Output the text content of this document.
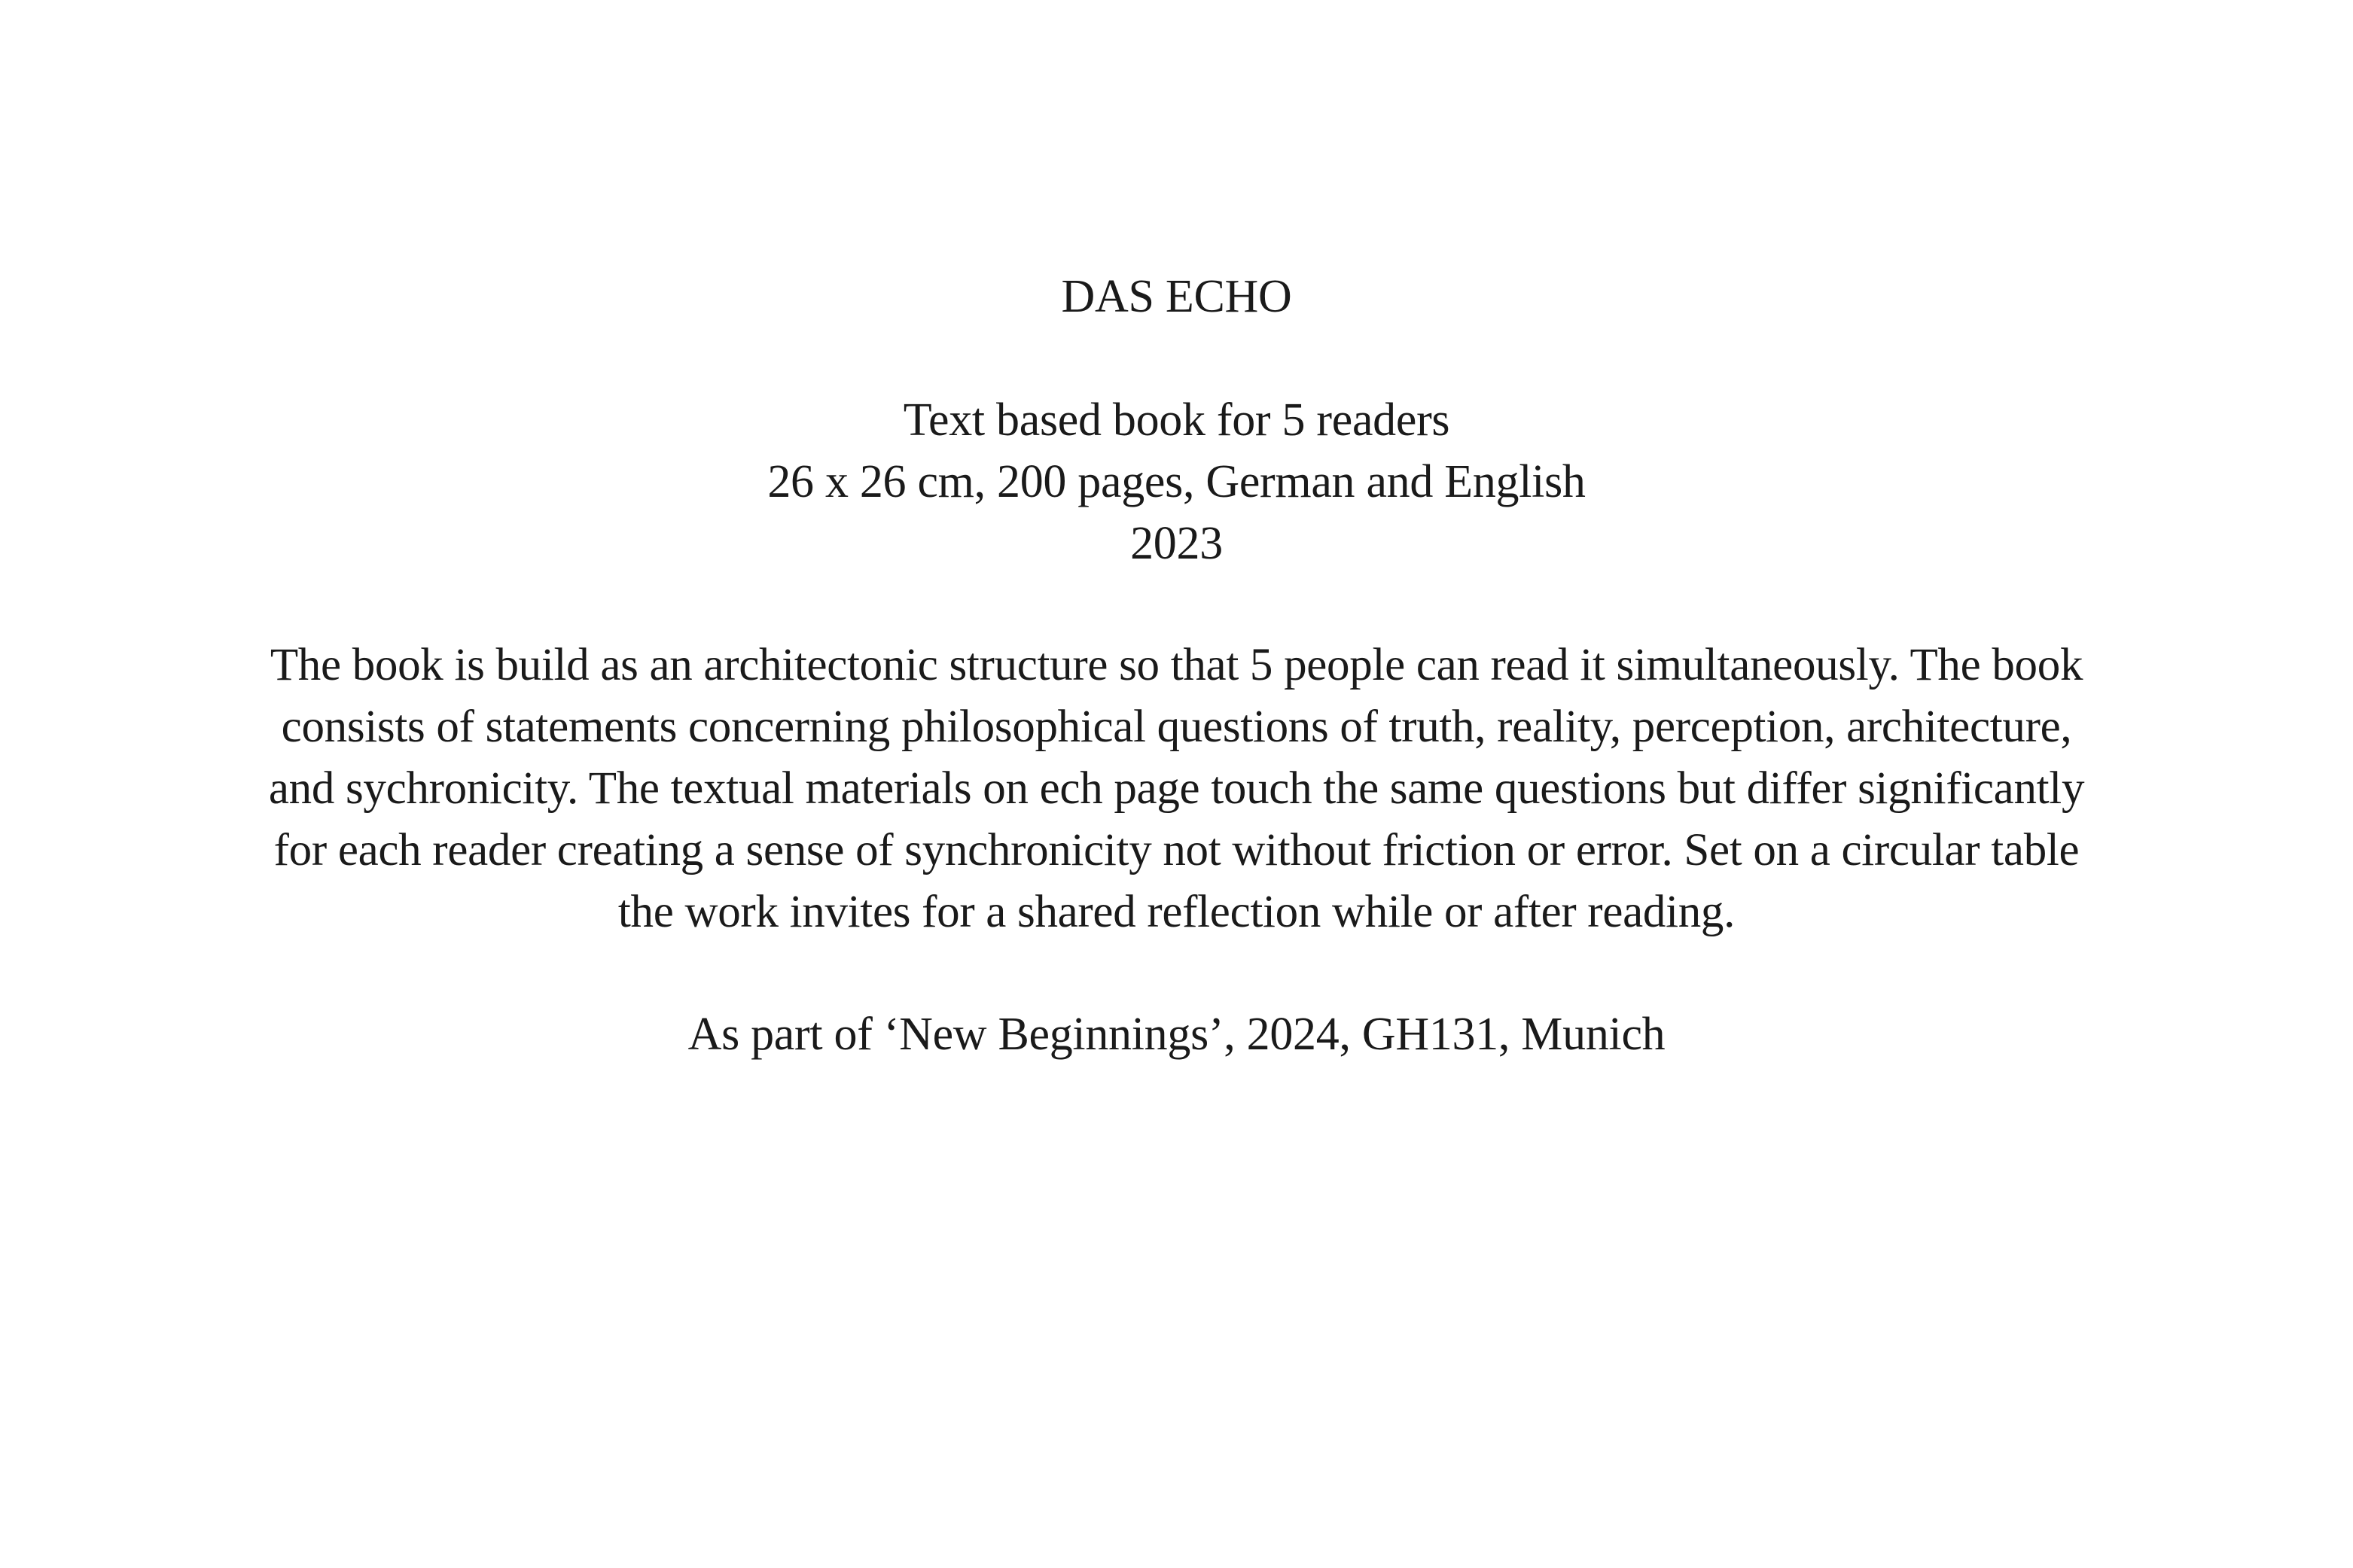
DAS ECHO
Text based book for 5 readers
26 x 26 cm, 200 pages, German and English
2023
The book is build as an architectonic structure so that 5 people can read it simultaneously. The book
consists of statements concerning philosophical questions of truth, reality, perception, architecture,
and sychronicity. The textual materials on ech page touch the same questions but differ significantly
for each reader creating a sense of synchronicity not without friction or error. Set on a circular table
the work invites for a shared reflection while or after reading.
As part of ‘New Beginnings’, 2024, GH131, Munich
